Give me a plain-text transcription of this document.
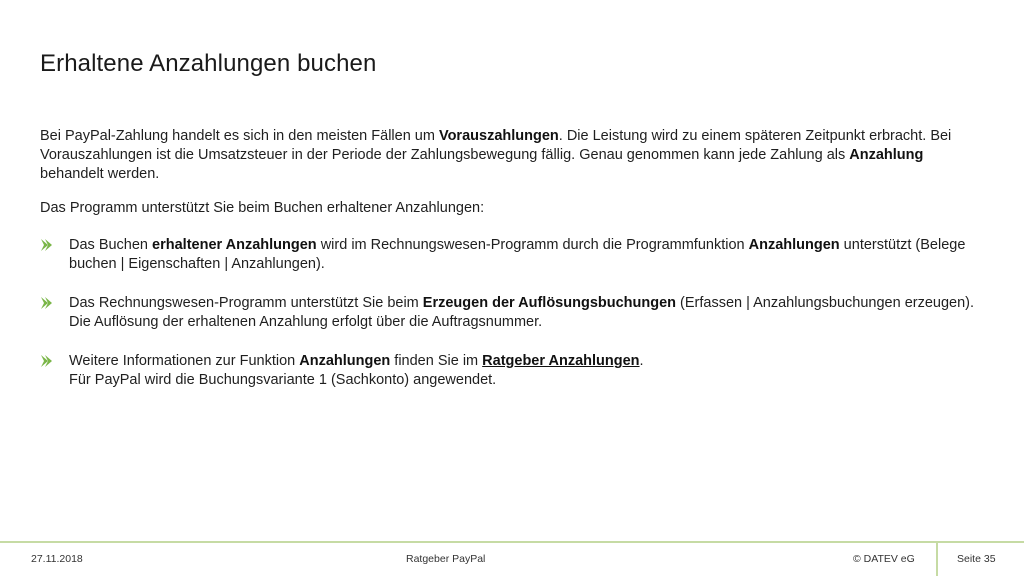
Erhaltene Anzahlungen buchen

Bei PayPal-Zahlung handelt es sich in den meisten Fällen um Vorauszahlungen. Die Leistung wird zu einem späteren Zeitpunkt erbracht. Bei Vorauszahlungen ist die Umsatzsteuer in der Periode der Zahlungsbewegung fällig. Genau genommen kann jede Zahlung als Anzahlung behandelt werden.

Das Programm unterstützt Sie beim Buchen erhaltener Anzahlungen:

Das Buchen erhaltener Anzahlungen wird im Rechnungswesen-Programm durch die Programmfunktion Anzahlungen unterstützt (Belege buchen | Eigenschaften | Anzahlungen).
Das Rechnungswesen-Programm unterstützt Sie beim Erzeugen der Auflösungsbuchungen (Erfassen | Anzahlungsbuchungen erzeugen). Die Auflösung der erhaltenen Anzahlung erfolgt über die Auftragsnummer.
Weitere Informationen zur Funktion Anzahlungen finden Sie im Ratgeber Anzahlungen.
Für PayPal wird die Buchungsvariante 1 (Sachkonto) angewendet.
27.11.2018	Ratgeber PayPal	© DATEV eG	Seite 35
